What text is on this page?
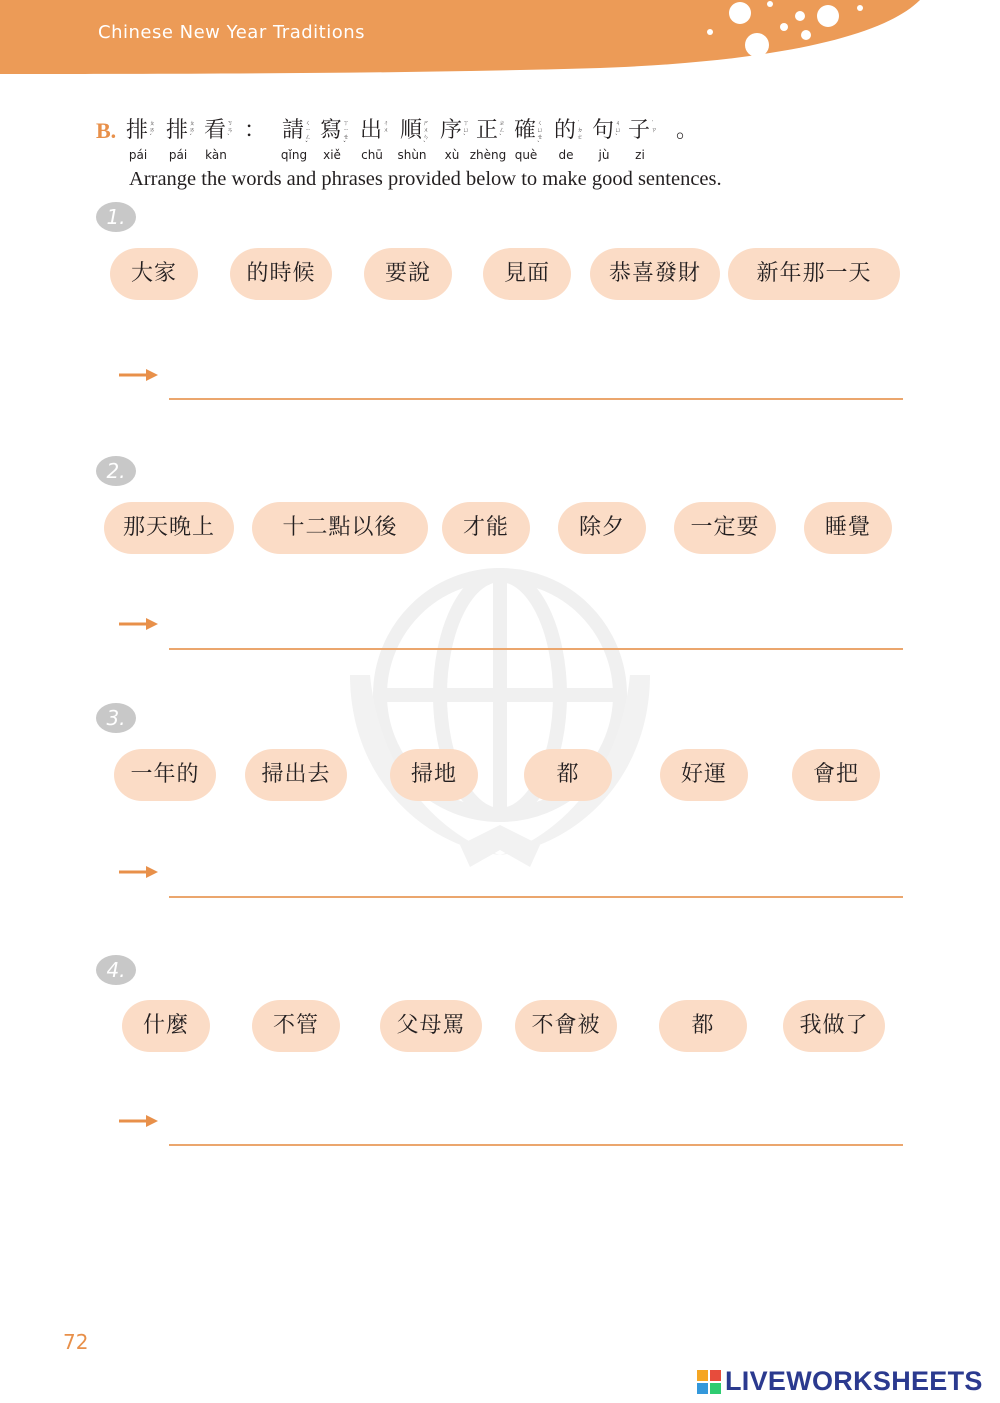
Chinese New Year Traditions
B. 排 ㄆㄞˊ
pái
排 ㄆㄞˊ
pái
看 ㄎㄢˋ
kàn
： 請 ㄑㄧㄥˇ
qǐng
寫 ㄒㄧㄝˇ
xiě
出 ㄔㄨ
chū
順 ㄕㄨㄣˋ
shùn
序 ㄒㄩˋ
xù
正 ㄓㄥˋ
zhèng
確 ㄑㄩㄝˋ
què
的 ˙ㄉㄜ
de
句 ㄐㄩˋ
jù
子 ˙ㄗ
zi
。
Arrange the words and phrases provided below to make good sentences.
1.
大家	的時候	要說	見面	恭喜發財	新年那一天
2.
那天晚上	十二點以後	才能	除夕	一定要	睡覺
3.
一年的	掃出去	掃地	都	好運	會把
4.
什麼	不管	父母罵	不會被	都	我做了
72
LIVEWORKSHEETS
